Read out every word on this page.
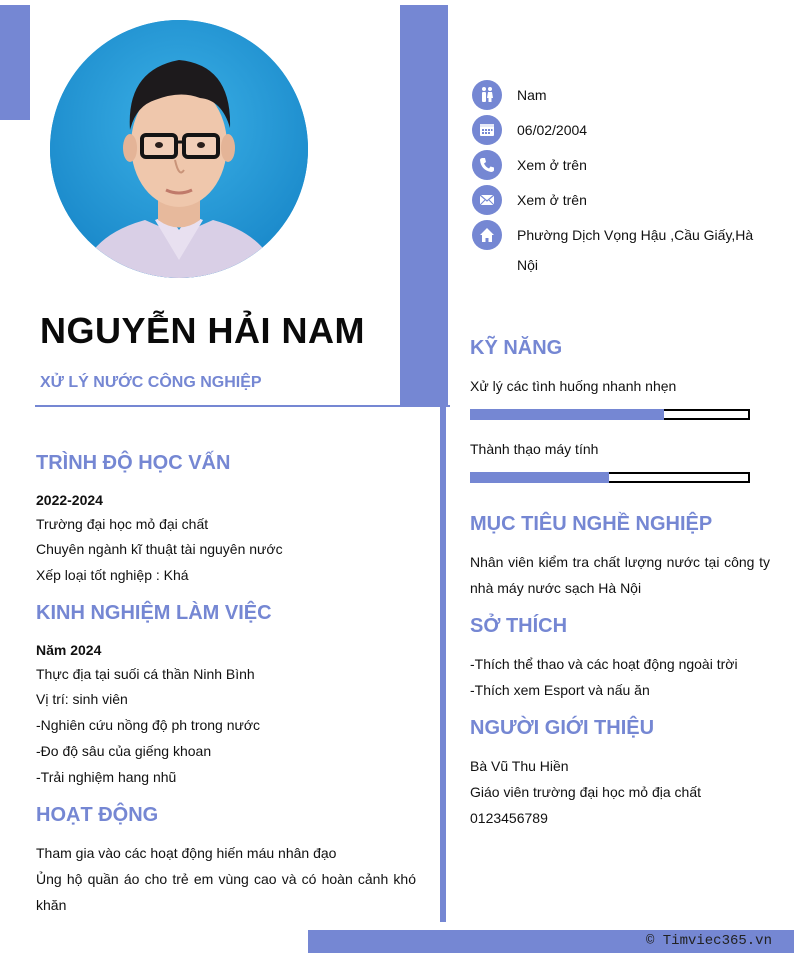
NGUYỄN HẢI NAM
XỬ LÝ NƯỚC CÔNG NGHIỆP
Nam
06/02/2004
Xem ở trên
Xem ở trên
Phường Dịch Vọng Hậu ,Cầu Giấy,Hà
Nội
KỸ NĂNG
Xử lý các tình huống nhanh nhẹn
Thành thạo máy tính
MỤC TIÊU NGHỀ NGHIỆP
Nhân viên kiểm tra chất lượng nước tại công ty nhà máy nước sạch Hà Nội
SỞ THÍCH
-Thích thể thao và các hoạt động ngoài trời
-Thích xem Esport và nấu ăn
NGƯỜI GIỚI THIỆU
Bà Vũ Thu Hiền
Giáo viên trường đại học mỏ địa chất
0123456789
TRÌNH ĐỘ HỌC VẤN
2022-2024
Trường đại học mỏ đại chất
Chuyên ngành kĩ thuật tài nguyên nước
Xếp loại tốt nghiệp : Khá
KINH NGHIỆM LÀM VIỆC
Năm 2024
Thực địa tại suối cá thần Ninh Bình
Vị trí: sinh viên
-Nghiên cứu nồng độ ph trong nước
-Đo độ sâu của giếng khoan
-Trải nghiệm hang nhũ
HOẠT ĐỘNG
Tham gia vào các hoạt động hiến máu nhân đạo
Ủng hộ quần áo cho trẻ em vùng cao và có hoàn cảnh khó khăn
© Timviec365.vn
